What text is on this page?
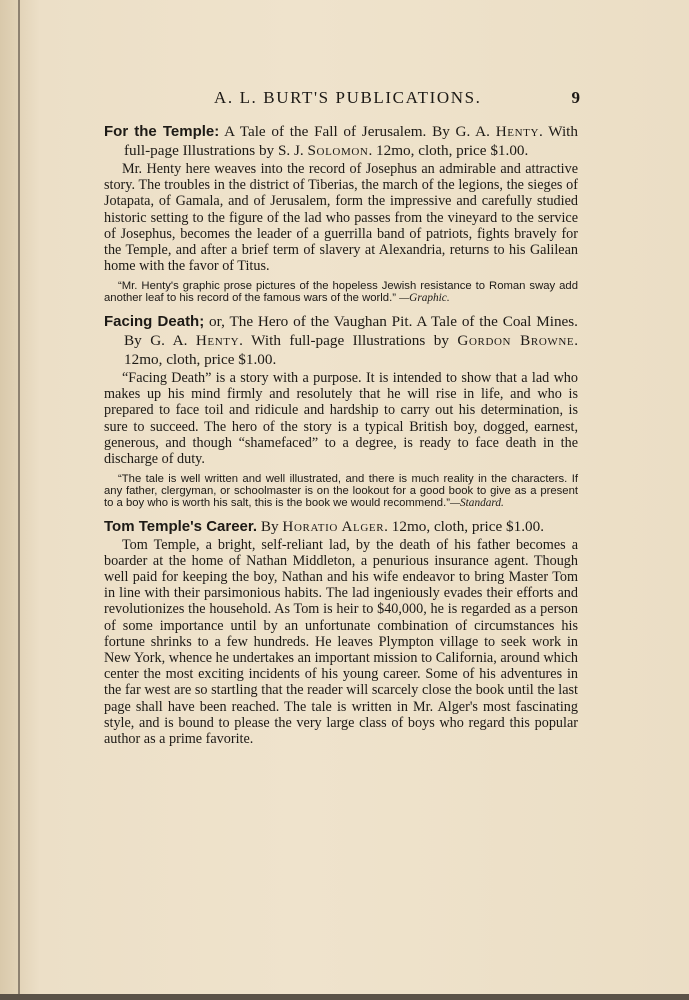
A. L. BURT'S PUBLICATIONS.	9

For the Temple: A Tale of the Fall of Jerusalem. By G. A. Henty. With full-page Illustrations by S. J. Solomon. 12mo, cloth, price $1.00.

Mr. Henty here weaves into the record of Josephus an admirable and attractive story. The troubles in the district of Tiberias, the march of the legions, the sieges of Jotapata, of Gamala, and of Jerusalem, form the impressive and carefully studied historic setting to the figure of the lad who passes from the vineyard to the service of Josephus, becomes the leader of a guerrilla band of patriots, fights bravely for the Temple, and after a brief term of slavery at Alexandria, returns to his Galilean home with the favor of Titus.

“Mr. Henty's graphic prose pictures of the hopeless Jewish resistance to Roman sway add another leaf to his record of the famous wars of the world.” —Graphic.

Facing Death; or, The Hero of the Vaughan Pit. A Tale of the Coal Mines. By G. A. Henty. With full-page Illustrations by Gordon Browne. 12mo, cloth, price $1.00.

“Facing Death” is a story with a purpose. It is intended to show that a lad who makes up his mind firmly and resolutely that he will rise in life, and who is prepared to face toil and ridicule and hardship to carry out his determination, is sure to succeed. The hero of the story is a typical British boy, dogged, earnest, generous, and though “shamefaced” to a degree, is ready to face death in the discharge of duty.

“The tale is well written and well illustrated, and there is much reality in the characters. If any father, clergyman, or schoolmaster is on the lookout for a good book to give as a present to a boy who is worth his salt, this is the book we would recommend.”—Standard.

Tom Temple's Career. By Horatio Alger. 12mo, cloth, price $1.00.

Tom Temple, a bright, self-reliant lad, by the death of his father becomes a boarder at the home of Nathan Middleton, a penurious insurance agent. Though well paid for keeping the boy, Nathan and his wife endeavor to bring Master Tom in line with their parsimonious habits. The lad ingeniously evades their efforts and revolutionizes the household. As Tom is heir to $40,000, he is regarded as a person of some importance until by an unfortunate combination of circumstances his fortune shrinks to a few hundreds. He leaves Plympton village to seek work in New York, whence he undertakes an important mission to California, around which center the most exciting incidents of his young career. Some of his adventures in the far west are so startling that the reader will scarcely close the book until the last page shall have been reached. The tale is written in Mr. Alger's most fascinating style, and is bound to please the very large class of boys who regard this popular author as a prime favorite.
